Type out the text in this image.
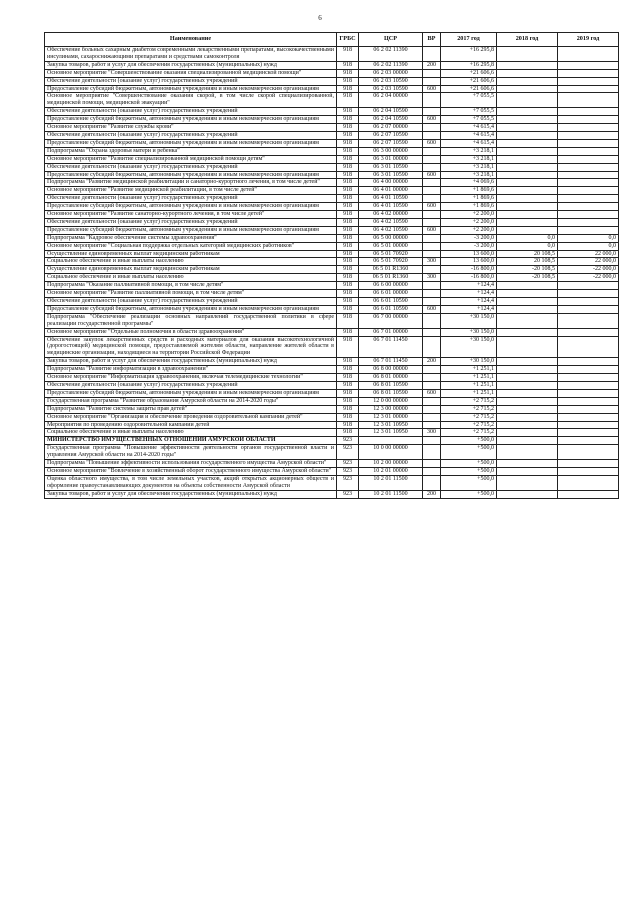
6
Наименование	ГРБС	ЦСР	ВР	2017 год	2018 год	2019 год
Обеспечение больных сахарным диабетом современными лекарственными препаратами, высококачественными инсулинами, сахароснижающими препаратами и средствами самоконтроля	918	06 2 02 11390		+16 295,8		
Закупка товаров, работ и услуг для обеспечения государственных (муниципальных) нужд	918	06 2 02 11390	200	+16 295,8		
Основное мероприятие "Совершенствование оказания специализированной медицинской помощи"	918	06 2 03 00000		+21 606,6		
Обеспечение деятельности (оказание услуг) государственных учреждений	918	06 2 03 10590		+21 606,6		
Предоставление субсидий бюджетным, автономным учреждениям и иным некоммерческим организациям	918	06 2 03 10590	600	+21 606,6		
Основное мероприятие "Совершенствование оказания скорой, в том числе скорой специализированной, медицинской помощи, медицинской эвакуации"	918	06 2 04 00000		+7 055,5		
Обеспечение деятельности (оказание услуг) государственных учреждений	918	06 2 04 10590		+7 055,5		
Предоставление субсидий бюджетным, автономным учреждениям и иным некоммерческим организациям	918	06 2 04 10590	600	+7 055,5		
Основное мероприятие "Развитие службы крови"	918	06 2 07 00000		+4 615,4		
Обеспечение деятельности (оказание услуг) государственных учреждений	918	06 2 07 10590		+4 615,4		
Предоставление субсидий бюджетным, автономным учреждениям и иным некоммерческим организациям	918	06 2 07 10590	600	+4 615,4		
Подпрограмма "Охрана здоровья матери и ребенка"	918	06 3 00 00000		+3 218,1		
Основное мероприятие "Развитие специализированной медицинской помощи детям"	918	06 3 01 00000		+3 218,1		
Обеспечение деятельности (оказание услуг) государственных учреждений	918	06 3 01 10590		+3 218,1		
Предоставление субсидий бюджетным, автономным учреждениям и иным некоммерческим организациям	918	06 3 01 10590	600	+3 218,1		
Подпрограмма "Развитие медицинской реабилитации и санаторно-курортного лечения, в том числе детей"	918	06 4 00 00000		+4 069,6		
Основное мероприятие "Развитие медицинской реабилитации, в том числе детей"	918	06 4 01 00000		+1 869,6		
Обеспечение деятельности (оказание услуг) государственных учреждений	918	06 4 01 10590		+1 869,6		
Предоставление субсидий бюджетным, автономным учреждениям и иным некоммерческим организациям	918	06 4 01 10590	600	+1 869,6		
Основное мероприятие "Развитие санаторно-курортного лечения, в том числе детей"	918	06 4 02 00000		+2 200,0		
Обеспечение деятельности (оказание услуг) государственных учреждений	918	06 4 02 10590		+2 200,0		
Предоставление субсидий бюджетным, автономным учреждениям и иным некоммерческим организациям	918	06 4 02 10590	600	+2 200,0		
Подпрограмма "Кадровое обеспечение системы здравоохранения"	918	06 5 00 00000		-3 200,0	0,0	0,0
Основное мероприятие "Социальная поддержка отдельных категорий медицинских работников"	918	06 5 01 00000		-3 200,0	0,0	0,0
Осуществление единовременных выплат медицинским работникам	918	06 5 01 70920		13 600,0	20 108,5	22 000,0
Социальное обеспечение и иные выплаты населению	918	06 5 01 70920	300	13 600,0	20 108,5	22 000,0
Осуществление единовременных выплат медицинским работникам	918	06 5 01 R1360		-16 800,0	-20 108,5	-22 000,0
Социальное обеспечение и иные выплаты населению	918	06 5 01 R1360	300	-16 800,0	-20 108,5	-22 000,0
Подпрограмма "Оказание паллиативной помощи, в том числе детям"	918	06 6 00 00000		+124,4		
Основное мероприятие "Развитие паллиативной помощи, в том числе детям"	918	06 6 01 00000		+124,4		
Обеспечение деятельности (оказание услуг) государственных учреждений	918	06 6 01 10590		+124,4		
Предоставление субсидий бюджетным, автономным учреждениям и иным некоммерческим организациям	918	06 6 01 10590	600	+124,4		
Подпрограмма "Обеспечение реализации основных направлений государственной политики в сфере реализации государственной программы"	918	06 7 00 00000		+30 150,0		
Основное мероприятие "Отдельные полномочия в области здравоохранения"	918	06 7 01 00000		+30 150,0		
Обеспечение закупок лекарственных средств и расходных материалов для оказания высокотехнологичной (дорогостоящей) медицинской помощи, предоставляемой жителям области, направление жителей области в медицинские организации, находящиеся на территории Российской Федерации	918	06 7 01 11450		+30 150,0		
Закупка товаров, работ и услуг для обеспечения государственных (муниципальных) нужд	918	06 7 01 11450	200	+30 150,0		
Подпрограмма "Развитие информатизации в здравоохранении"	918	06 8 00 00000		+1 251,1		
Основное мероприятие "Информатизация здравоохранения, включая телемедицинские технологии"	918	06 8 01 00000		+1 251,1		
Обеспечение деятельности (оказание услуг) государственных учреждений	918	06 8 01 10590		+1 251,1		
Предоставление субсидий бюджетным, автономным учреждениям и иным некоммерческим организациям	918	06 8 01 10590	600	+1 251,1		
Государственная программа "Развитие образования Амурской области на 2014-2020 годы"	918	12 0 00 00000		+2 715,2		
Подпрограмма "Развитие системы защиты прав детей"	918	12 3 00 00000		+2 715,2		
Основное мероприятие "Организация и обеспечение проведения оздоровительной кампании детей"	918	12 3 01 00000		+2 715,2		
Мероприятия по проведению оздоровительной кампании детей	918	12 3 01 10950		+2 715,2		
Социальное обеспечение и иные выплаты населению	918	12 3 01 10950	300	+2 715,2		
МИНИСТЕРСТВО ИМУЩЕСТВЕННЫХ ОТНОШЕНИЙ АМУРСКОЙ ОБЛАСТИ	923			+500,0		
Государственная программа "Повышение эффективности деятельности органов государственной власти и управления Амурской области на 2014-2020 годы"	923	10 0 00 00000		+500,0		
Подпрограмма "Повышение эффективности использования государственного имущества Амурской области"	923	10 2 00 00000		+500,0		
Основное мероприятие "Вовлечение в хозяйственный оборот государственного имущества Амурской области"	923	10 2 01 00000		+500,0		
Оценка областного имущества, в том числе земельных участков, акций открытых акционерных обществ и оформление правоустанавливающих документов на объекты собственности Амурской области	923	10 2 01 11500		+500,0		
Закупка товаров, работ и услуг для обеспечения государственных (муниципальных) нужд	923	10 2 01 11500	200	+500,0		
